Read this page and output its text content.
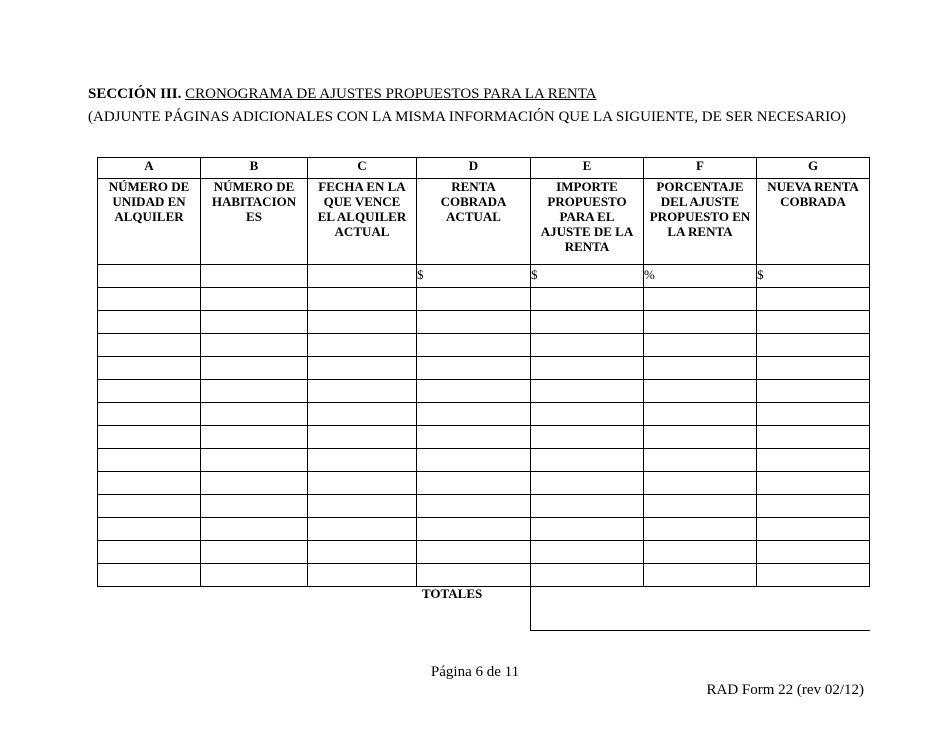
SECCIÓN III. CRONOGRAMA DE AJUSTES PROPUESTOS PARA LA RENTA
(ADJUNTE PÁGINAS ADICIONALES CON LA MISMA INFORMACIÓN QUE LA SIGUIENTE, DE SER NECESARIO)
A	B	C	D	E	F	G
NÚMERO DE UNIDAD EN ALQUILER	NÚMERO DE HABITACION ES	FECHA EN LA QUE VENCE EL ALQUILER ACTUAL	RENTA COBRADA ACTUAL	IMPORTE PROPUESTO PARA EL AJUSTE DE LA RENTA	PORCENTAJE DEL AJUSTE PROPUESTO EN LA RENTA	NUEVA RENTA COBRADA
			$	$	%	$

TOTALES
Página 6 de 11
RAD Form 22 (rev 02/12)
